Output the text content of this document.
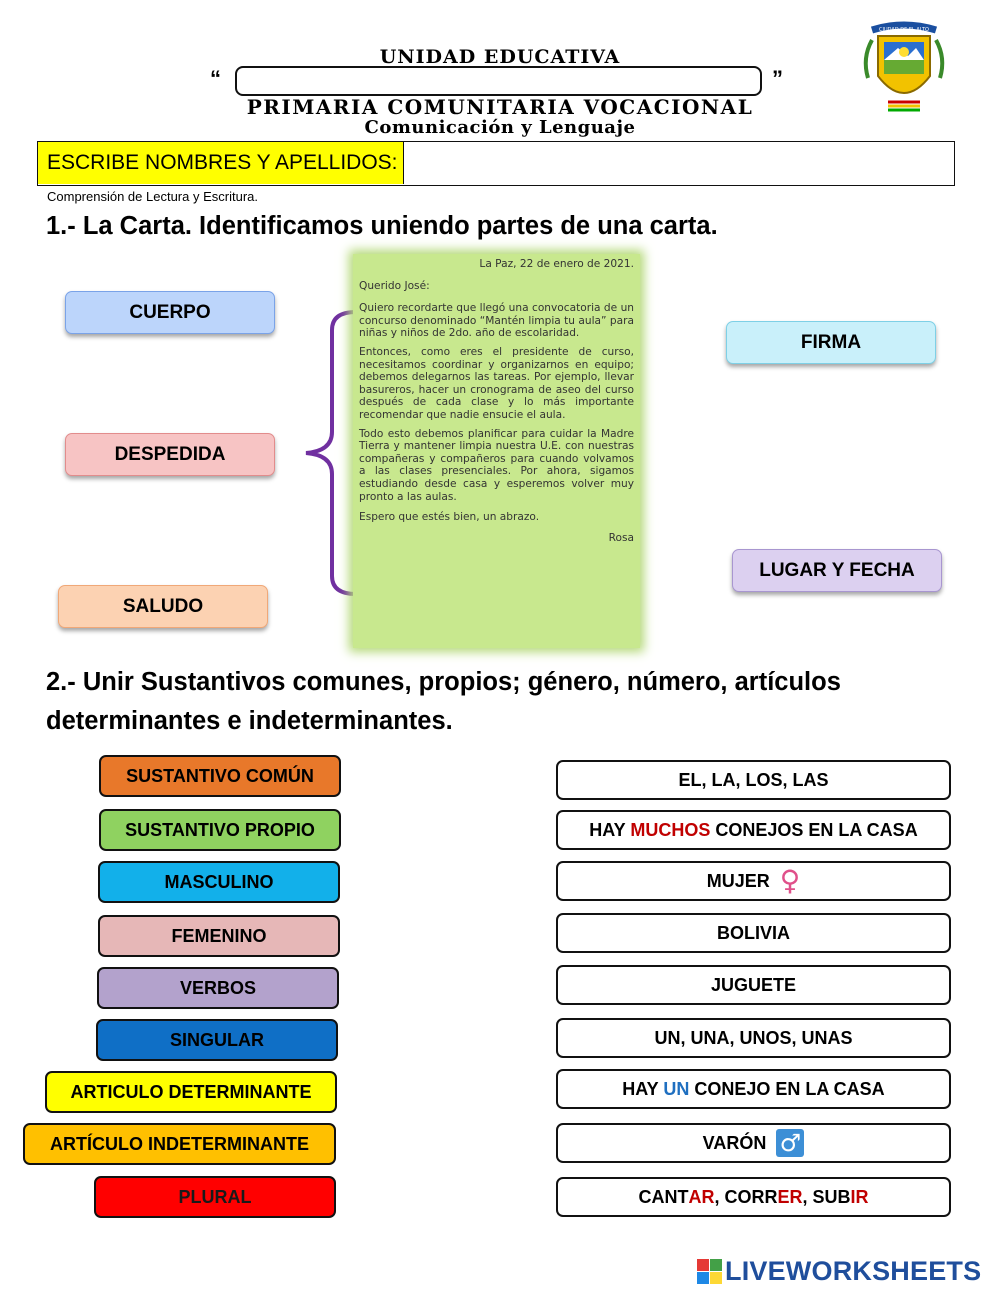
UNIDAD EDUCATIVA
“	”
PRIMARIA COMUNITARIA VOCACIONAL
Comunicación y Lenguaje
CIUDAD DE EL ALTO
ESCRIBE NOMBRES Y APELLIDOS:
Comprensión de Lectura y Escritura.
1.- La Carta. Identificamos uniendo partes de una carta.
CUERPO
DESPEDIDA
SALUDO
FIRMA
LUGAR Y FECHA
La Paz, 22 de enero de 2021.
Querido José:

Quiero recordarte que llegó una convocatoria de un concurso denominado “Mantén limpia tu aula” para niñas y niños de 2do. año de escolaridad.

Entonces, como eres el presidente de curso, necesitamos coordinar y organizarnos en equipo; debemos delegarnos las tareas. Por ejemplo, llevar basureros, hacer un cronograma de aseo del curso después de cada clase y lo más importante recomendar que nadie ensucie el aula.

Todo esto debemos planificar para cuidar la Madre Tierra y mantener limpia nuestra U.E. con nuestras compañeras y compañeros para cuando volvamos a las clases presenciales. Por ahora, sigamos estudiando desde casa y esperemos volver muy pronto a las aulas.

Espero que estés bien, un abrazo.
Rosa
2.- Unir Sustantivos comunes, propios; género, número, artículos
determinantes e indeterminantes.
SUSTANTIVO COMÚN
SUSTANTIVO PROPIO
MASCULINO
FEMENINO
VERBOS
SINGULAR
ARTICULO DETERMINANTE
ARTÍCULO INDETERMINANTE
PLURAL
EL, LA, LOS, LAS
HAY MUCHOS CONEJOS EN LA CASA
MUJER ♀
BOLIVIA
JUGUETE
UN, UNA, UNOS, UNAS
HAY UN CONEJO EN LA CASA
VARÓN ♂
CANT AR , CORR ER , SUB IR
LIVEWORKSHEETS
